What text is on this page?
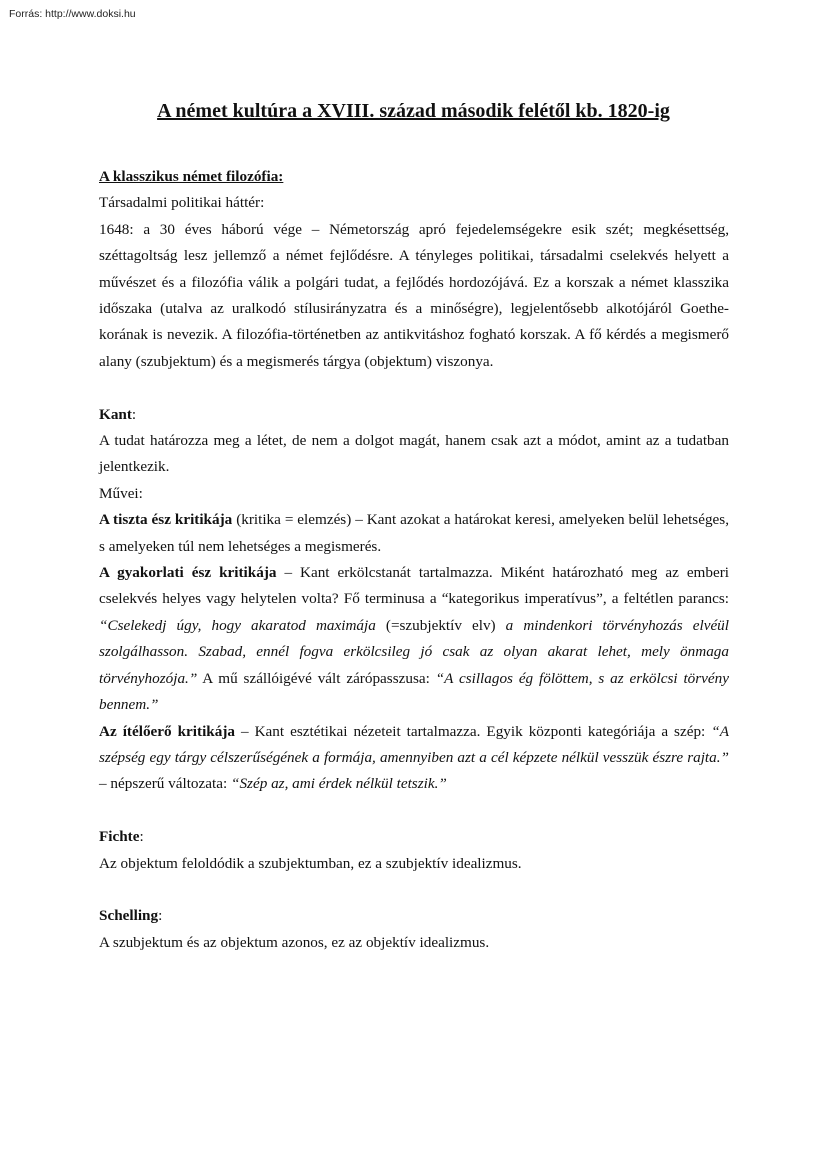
Forrás: http://www.doksi.hu
A német kultúra a XVIII. század második felétől kb. 1820-ig

A klasszikus német filozófia:

Társadalmi politikai háttér:

1648: a 30 éves háború vége – Németország apró fejedelemségekre esik szét; megkésettség, széttagoltság lesz jellemző a német fejlődésre. A tényleges politikai, társadalmi cselekvés helyett a művészet és a filozófia válik a polgári tudat, a fejlődés hordozójává. Ez a korszak a német klasszika időszaka (utalva az uralkodó stílusirányzatra és a minőségre), legjelentősebb alkotójáról Goethe-korának is nevezik. A filozófia-történetben az antikvitáshoz fogható korszak. A fő kérdés a megismerő alany (szubjektum) és a megismerés tárgya (objektum) viszonya.

Kant:

A tudat határozza meg a létet, de nem a dolgot magát, hanem csak azt a módot, amint az a tudatban jelentkezik.

Művei:

A tiszta ész kritikája (kritika = elemzés) – Kant azokat a határokat keresi, amelyeken belül lehetséges, s amelyeken túl nem lehetséges a megismerés.

A gyakorlati ész kritikája – Kant erkölcstanát tartalmazza. Miként határozható meg az emberi cselekvés helyes vagy helytelen volta? Fő terminusa a “kategorikus imperatívus”, a feltétlen parancs: “Cselekedj úgy, hogy akaratod maximája (=szubjektív elv) a mindenkori törvényhozás elvéül szolgálhasson. Szabad, ennél fogva erkölcsileg jó csak az olyan akarat lehet, mely önmaga törvényhozója.” A mű szállóigévé vált zárópasszusa: “A csillagos ég fölöttem, s az erkölcsi törvény bennem.”

Az ítélőerő kritikája – Kant esztétikai nézeteit tartalmazza. Egyik központi kategóriája a szép: “A szépség egy tárgy célszerűségének a formája, amennyiben azt a cél képzete nélkül vesszük észre rajta.” – népszerű változata: “Szép az, ami érdek nélkül tetszik.”

Fichte:

Az objektum feloldódik a szubjektumban, ez a szubjektív idealizmus.

Schelling:

A szubjektum és az objektum azonos, ez az objektív idealizmus.
